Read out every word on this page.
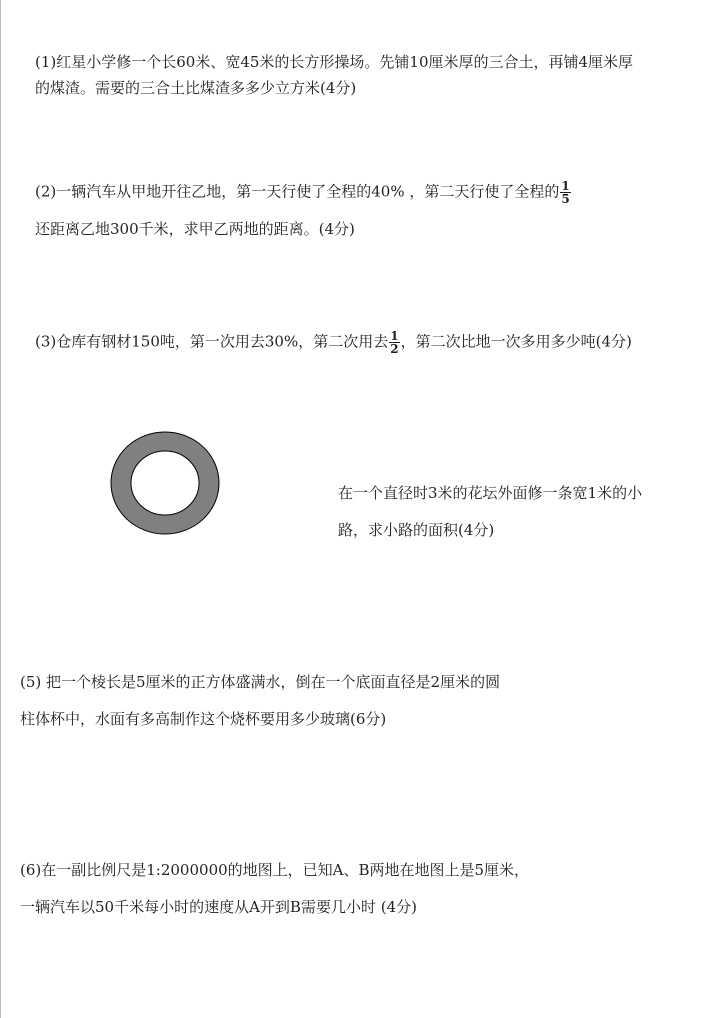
(1)红星小学修一个长60米、宽45米的长方形操场。先铺10厘米厚的三合土，再铺4厘米厚
的煤渣。需要的三合土比煤渣多多少立方米(4分)
(2)一辆汽车从甲地开往乙地，第一天行使了全程的40% ，第二天行使了全程的 $\frac{1}{5}$
还距离乙地300千米，求甲乙两地的距离。(4分)
(3)仓库有钢材150吨，第一次用去30%，第二次用去 $\frac{1}{2}$ ，第二次比地一次多用多少吨(4分)
在一个直径时3米的花坛外面修一条宽1米的小
路，求小路的面积(4分)
(5) 把一个棱长是5厘米的正方体盛满水，倒在一个底面直径是2厘米的圆
柱体杯中，水面有多高制作这个烧杯要用多少玻璃(6分)
(6)在一副比例尺是1:2000000的地图上，已知A、B两地在地图上是5厘米，
一辆汽车以50千米每小时的速度从A开到B需要几小时 (4分)
